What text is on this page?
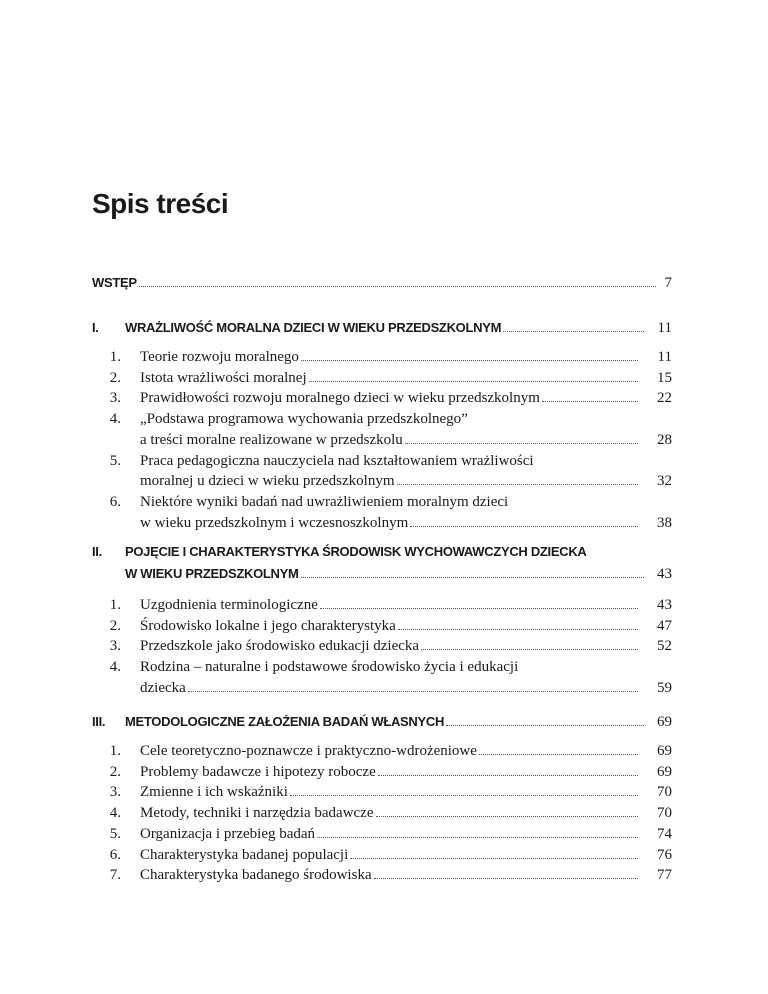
Spis treści
WSTĘP	7
I. WRAŻLIWOŚĆ MORALNA DZIECI W WIEKU PRZEDSZKOLNYM	11
1. Teorie rozwoju moralnego	11
2. Istota wrażliwości moralnej	15
3. Prawidłowości rozwoju moralnego dzieci w wieku przedszkolnym	22
4. „Podstawa programowa wychowania przedszkolnego”
a treści moralne realizowane w przedszkolu	28
5. Praca pedagogiczna nauczyciela nad kształtowaniem wrażliwości
moralnej u dzieci w wieku przedszkolnym	32
6. Niektóre wyniki badań nad uwrażliwieniem moralnym dzieci
w wieku przedszkolnym i wczesnoszkolnym	38
II. POJĘCIE I CHARAKTERYSTYKA ŚRODOWISK WYCHOWAWCZYCH DZIECKA
W WIEKU PRZEDSZKOLNYM	43
1. Uzgodnienia terminologiczne	43
2. Środowisko lokalne i jego charakterystyka	47
3. Przedszkole jako środowisko edukacji dziecka	52
4. Rodzina – naturalne i podstawowe środowisko życia i edukacji
dziecka	59
III. METODOLOGICZNE ZAŁOŻENIA BADAŃ WŁASNYCH	69
1. Cele teoretyczno-poznawcze i praktyczno-wdrożeniowe	69
2. Problemy badawcze i hipotezy robocze	69
3. Zmienne i ich wskaźniki	70
4. Metody, techniki i narzędzia badawcze	70
5. Organizacja i przebieg badań	74
6. Charakterystyka badanej populacji	76
7. Charakterystyka badanego środowiska	77
